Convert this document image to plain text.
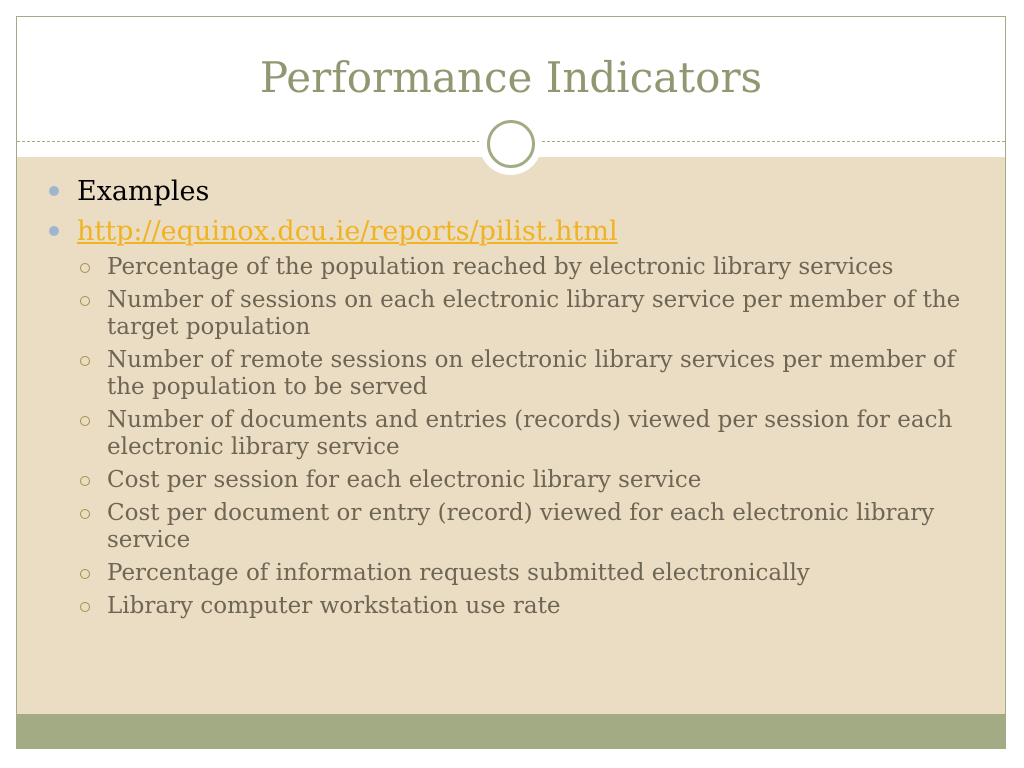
Performance Indicators
Examples
http://equinox.dcu.ie/reports/pilist.html
Percentage of the population reached by electronic library services
Number of sessions on each electronic library service per member of the target population
Number of remote sessions on electronic library services per member of the population to be served
Number of documents and entries (records) viewed per session for each electronic library service
Cost per session for each electronic library service
Cost per document or entry (record) viewed for each electronic library service
Percentage of information requests submitted electronically
Library computer workstation use rate
